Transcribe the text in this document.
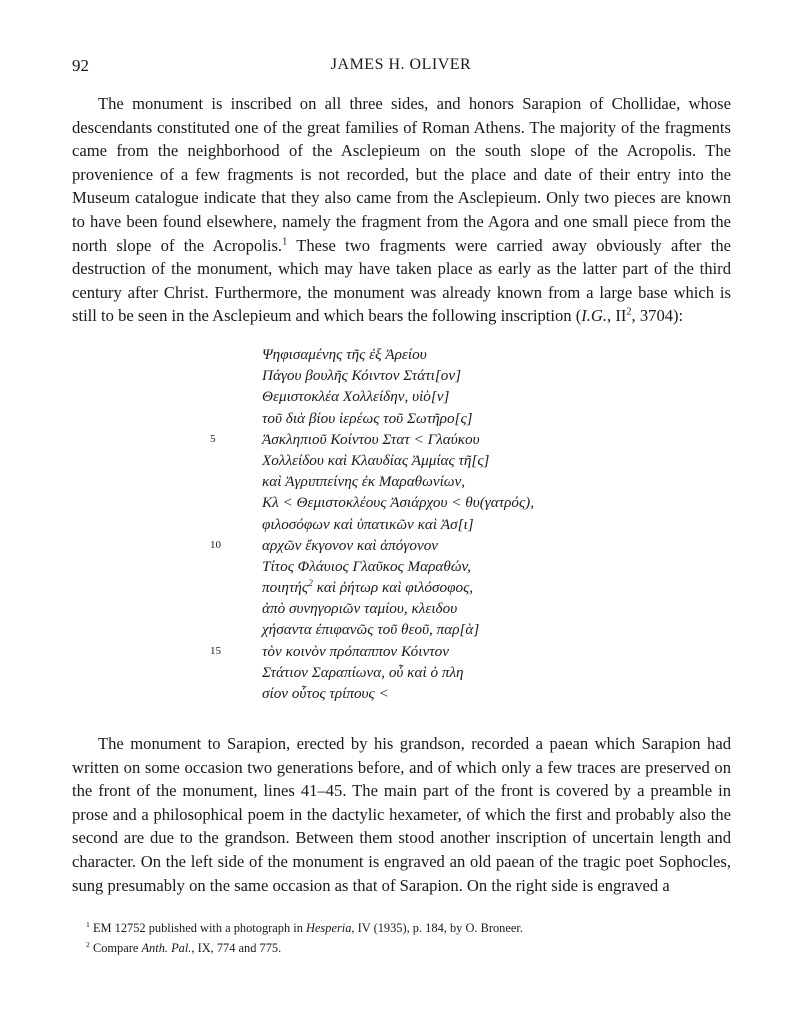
92	JAMES H. OLIVER

The monument is inscribed on all three sides, and honors Sarapion of Chollidae, whose descendants constituted one of the great families of Roman Athens. The majority of the fragments came from the neighborhood of the Asclepieum on the south slope of the Acropolis. The provenience of a few fragments is not recorded, but the place and date of their entry into the Museum catalogue indicate that they also came from the Asclepieum. Only two pieces are known to have been found elsewhere, namely the fragment from the Agora and one small piece from the north slope of the Acropolis.$^1$ These two fragments were carried away obviously after the destruction of the monument, which may have taken place as early as the latter part of the third century after Christ. Furthermore, the monument was already known from a large base which is still to be seen in the Asclepieum and which bears the following inscription (I.G., $II^2$, 3704):

Ψηφισαμένης τῆς ἐξ Ἀρείου
Πάγου βουλῆς Κόιντον Στάτι[ον]
Θεμιστοκλέα Χολλείδην, υἱὸ[ν]
τοῦ διὰ βίου ἱερέως τοῦ Σωτῆρο[ς]
5	Ἀσκληπιοῦ Κοίντου Στατ < Γλαύκου
Χολλείδου καὶ Κλαυδίας Ἀμμίας τῆ[ς]
καὶ Ἀγριππείνης ἐκ Μαραθωνίων,
Κλ < Θεμιστοκλέους Ἀσιάρχου < θυ(γατρός),
φιλοσόφων καὶ ὑπατικῶν καὶ Ἀσ[ι]
10	αρχῶν ἔκγονον καὶ ἀπόγονον
Τίτος Φλάυιος Γλαῦκος Μαραθώv,
ποιητής$^2$ καὶ ῥήτωρ καὶ φιλόσοφος,
ἀπὸ συνηγοριῶν ταμίου, κλειδου
χήσαντα ἐπιφανῶς τοῦ θεοῦ, παρ[ὰ]
15	τὸν κοινὸν πρόπαππον Κόιντον
Στάτιον Σαραπίωνα, οὗ καὶ ὁ πλη
σίον οὗτος τρίπους <

The monument to Sarapion, erected by his grandson, recorded a paean which Sarapion had written on some occasion two generations before, and of which only a few traces are preserved on the front of the monument, lines 41–45. The main part of the front is covered by a preamble in prose and a philosophical poem in the dactylic hexameter, of which the first and probably also the second are due to the grandson. Between them stood another inscription of uncertain length and character. On the left side of the monument is engraved an old paean of the tragic poet Sophocles, sung presumably on the same occasion as that of Sarapion. On the right side is engraved a

$^1$ EM 12752 published with a photograph in Hesperia, IV (1935), p. 184, by O. Broneer.
$^2$ Compare Anth. Pal., IX, 774 and 775.
